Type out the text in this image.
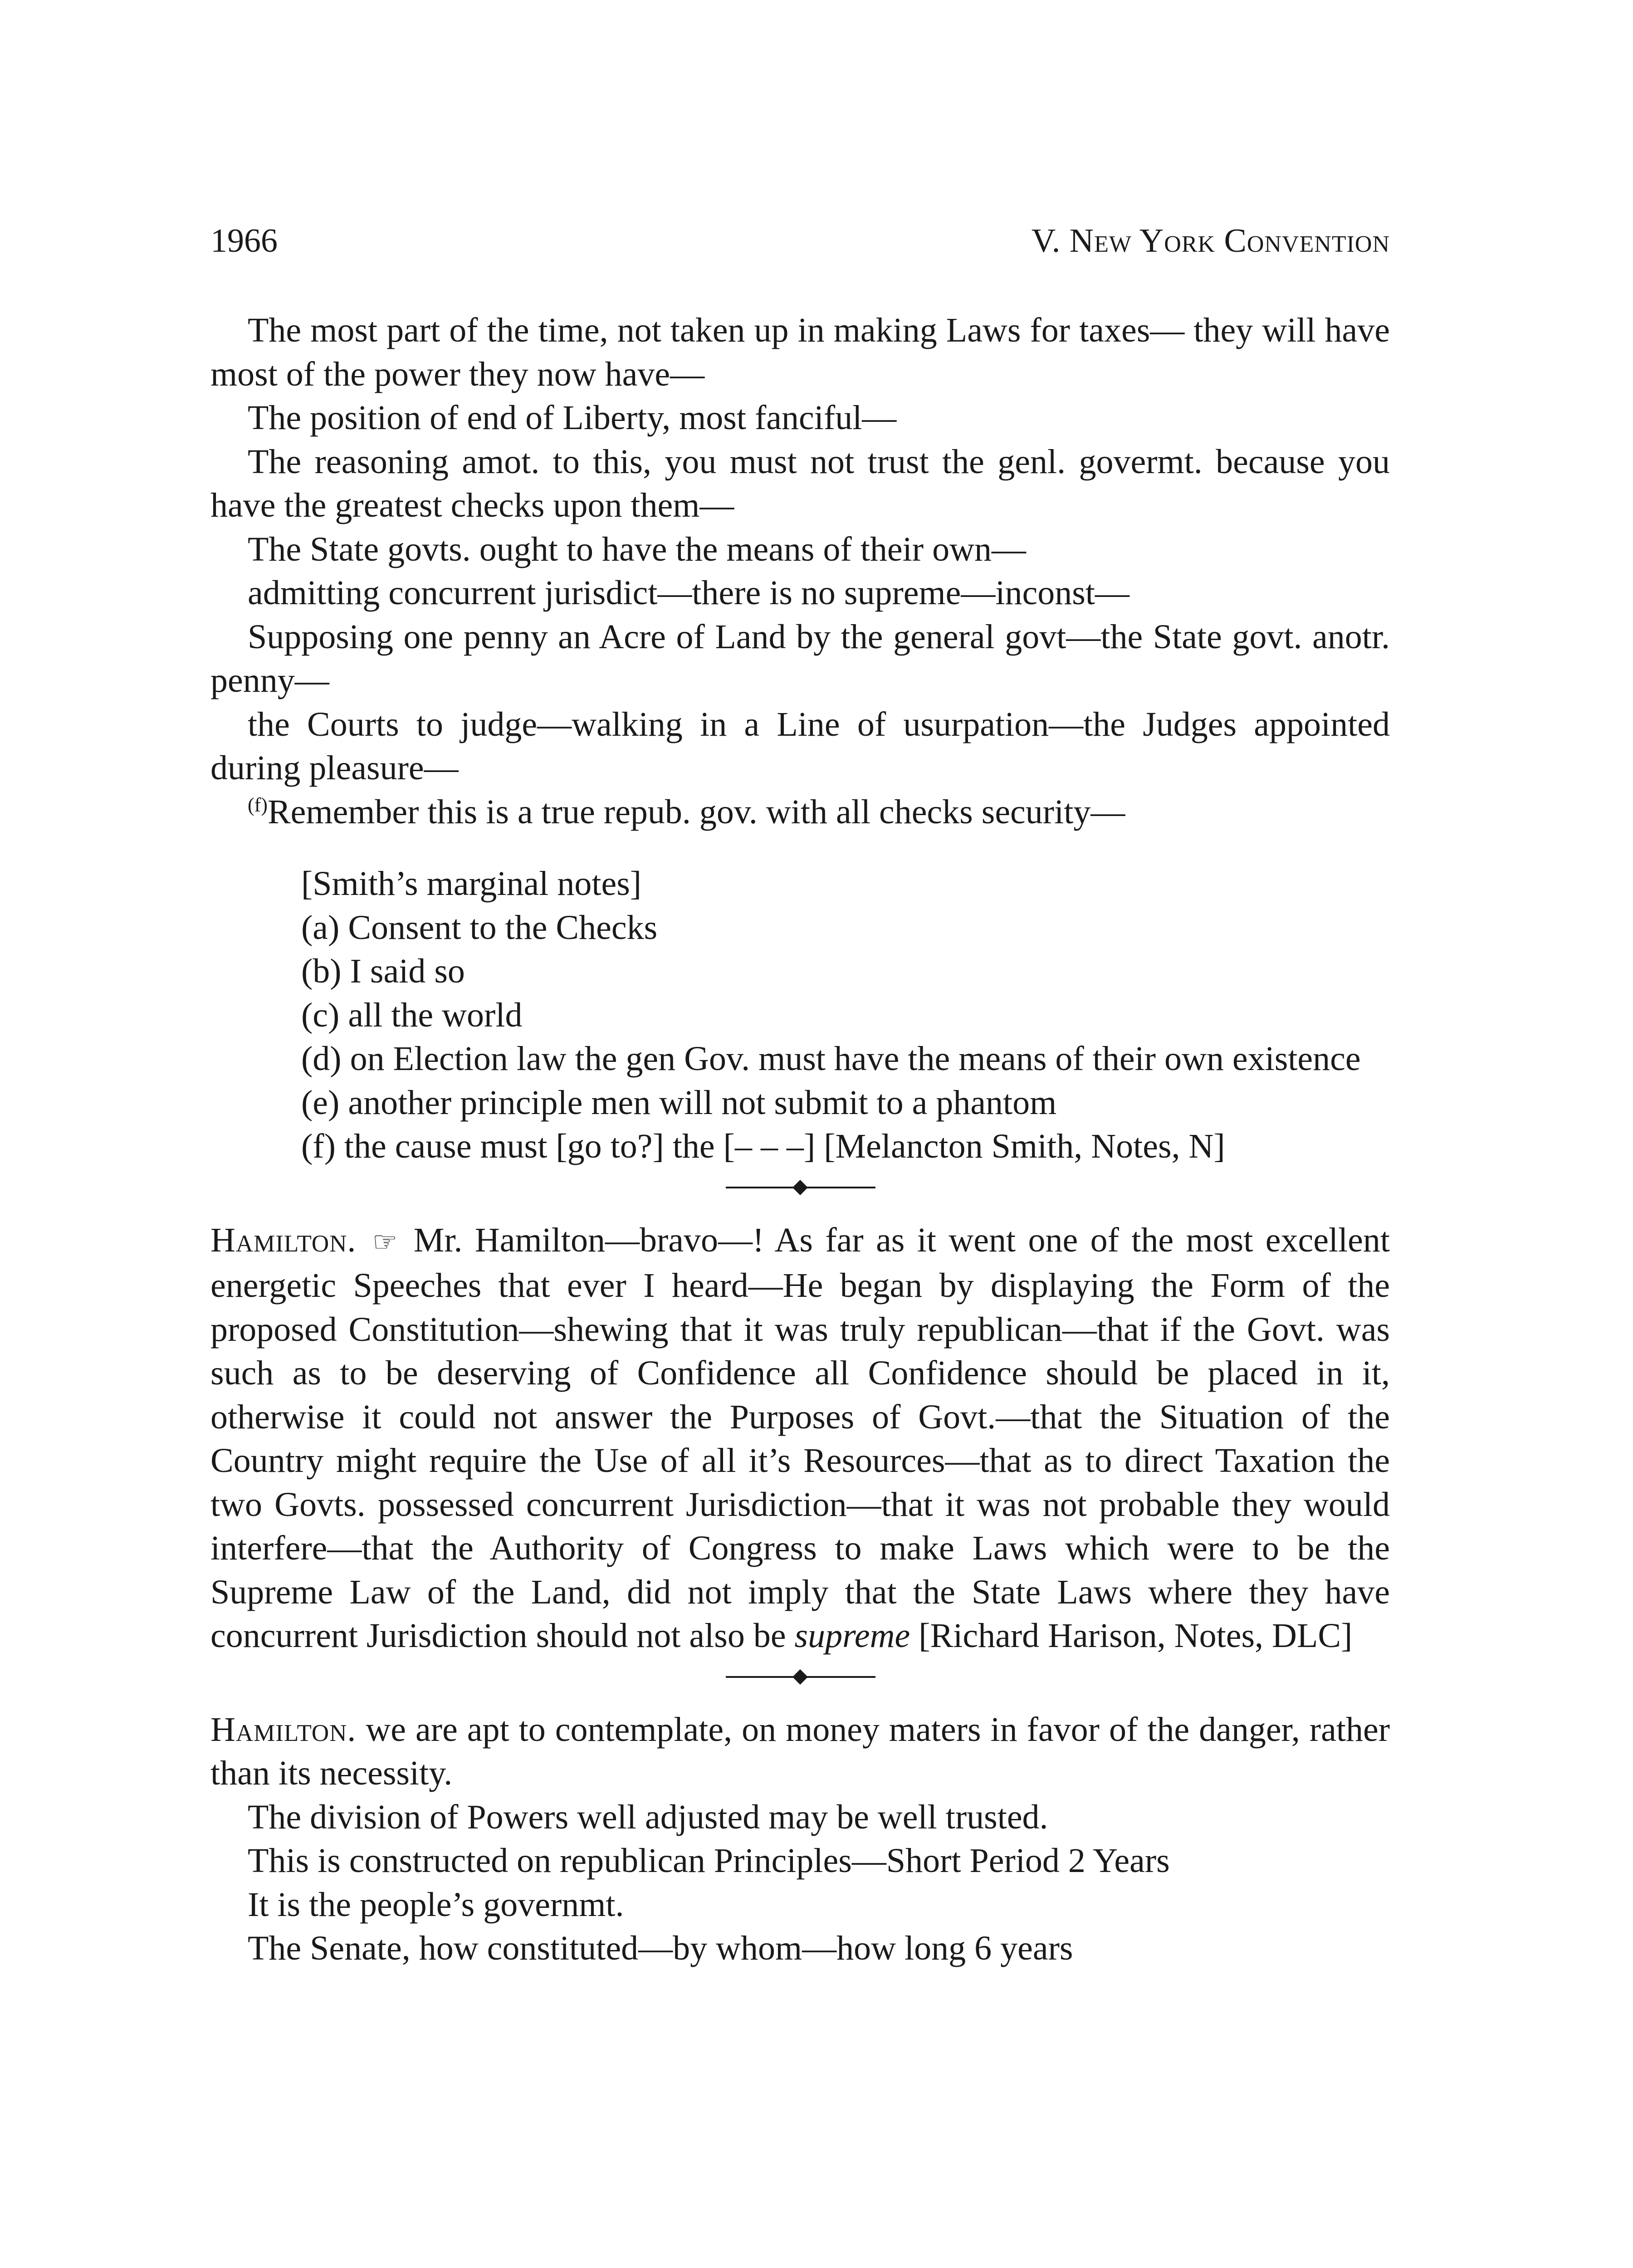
1966	V. New York Convention

The most part of the time, not taken up in making Laws for taxes— they will have most of the power they now have—

The position of end of Liberty, most fanciful—

The reasoning amot. to this, you must not trust the genl. govermt. because you have the greatest checks upon them—

The State govts. ought to have the means of their own—

admitting concurrent jurisdict—there is no supreme—inconst—

Supposing one penny an Acre of Land by the general govt—the State govt. anotr. penny—

the Courts to judge—walking in a Line of usurpation—the Judges appointed during pleasure—

$^{(f)}$Remember this is a true repub. gov. with all checks security—

[Smith’s marginal notes]

(a) Consent to the Checks

(b) I said so

(c) all the world

(d) on Election law the gen Gov. must have the means of their own existence

(e) another principle men will not submit to a phantom

(f) the cause must [go to?] the [– – –] [Melancton Smith, Notes, N]

Hamilton. ☞ Mr. Hamilton—bravo—! As far as it went one of the most excellent energetic Speeches that ever I heard—He began by displaying the Form of the proposed Constitution—shewing that it was truly republican—that if the Govt. was such as to be deserving of Confidence all Confidence should be placed in it, otherwise it could not answer the Purposes of Govt.—that the Situation of the Country might require the Use of all it’s Resources—that as to direct Taxation the two Govts. possessed concurrent Jurisdiction—that it was not probable they would interfere—that the Authority of Congress to make Laws which were to be the Supreme Law of the Land, did not imply that the State Laws where they have concurrent Jurisdiction should not also be supreme [Richard Harison, Notes, DLC]

Hamilton. we are apt to contemplate, on money maters in favor of the danger, rather than its necessity.

The division of Powers well adjusted may be well trusted.

This is constructed on republican Principles—Short Period 2 Years

It is the people’s governmt.

The Senate, how constituted—by whom—how long 6 years
